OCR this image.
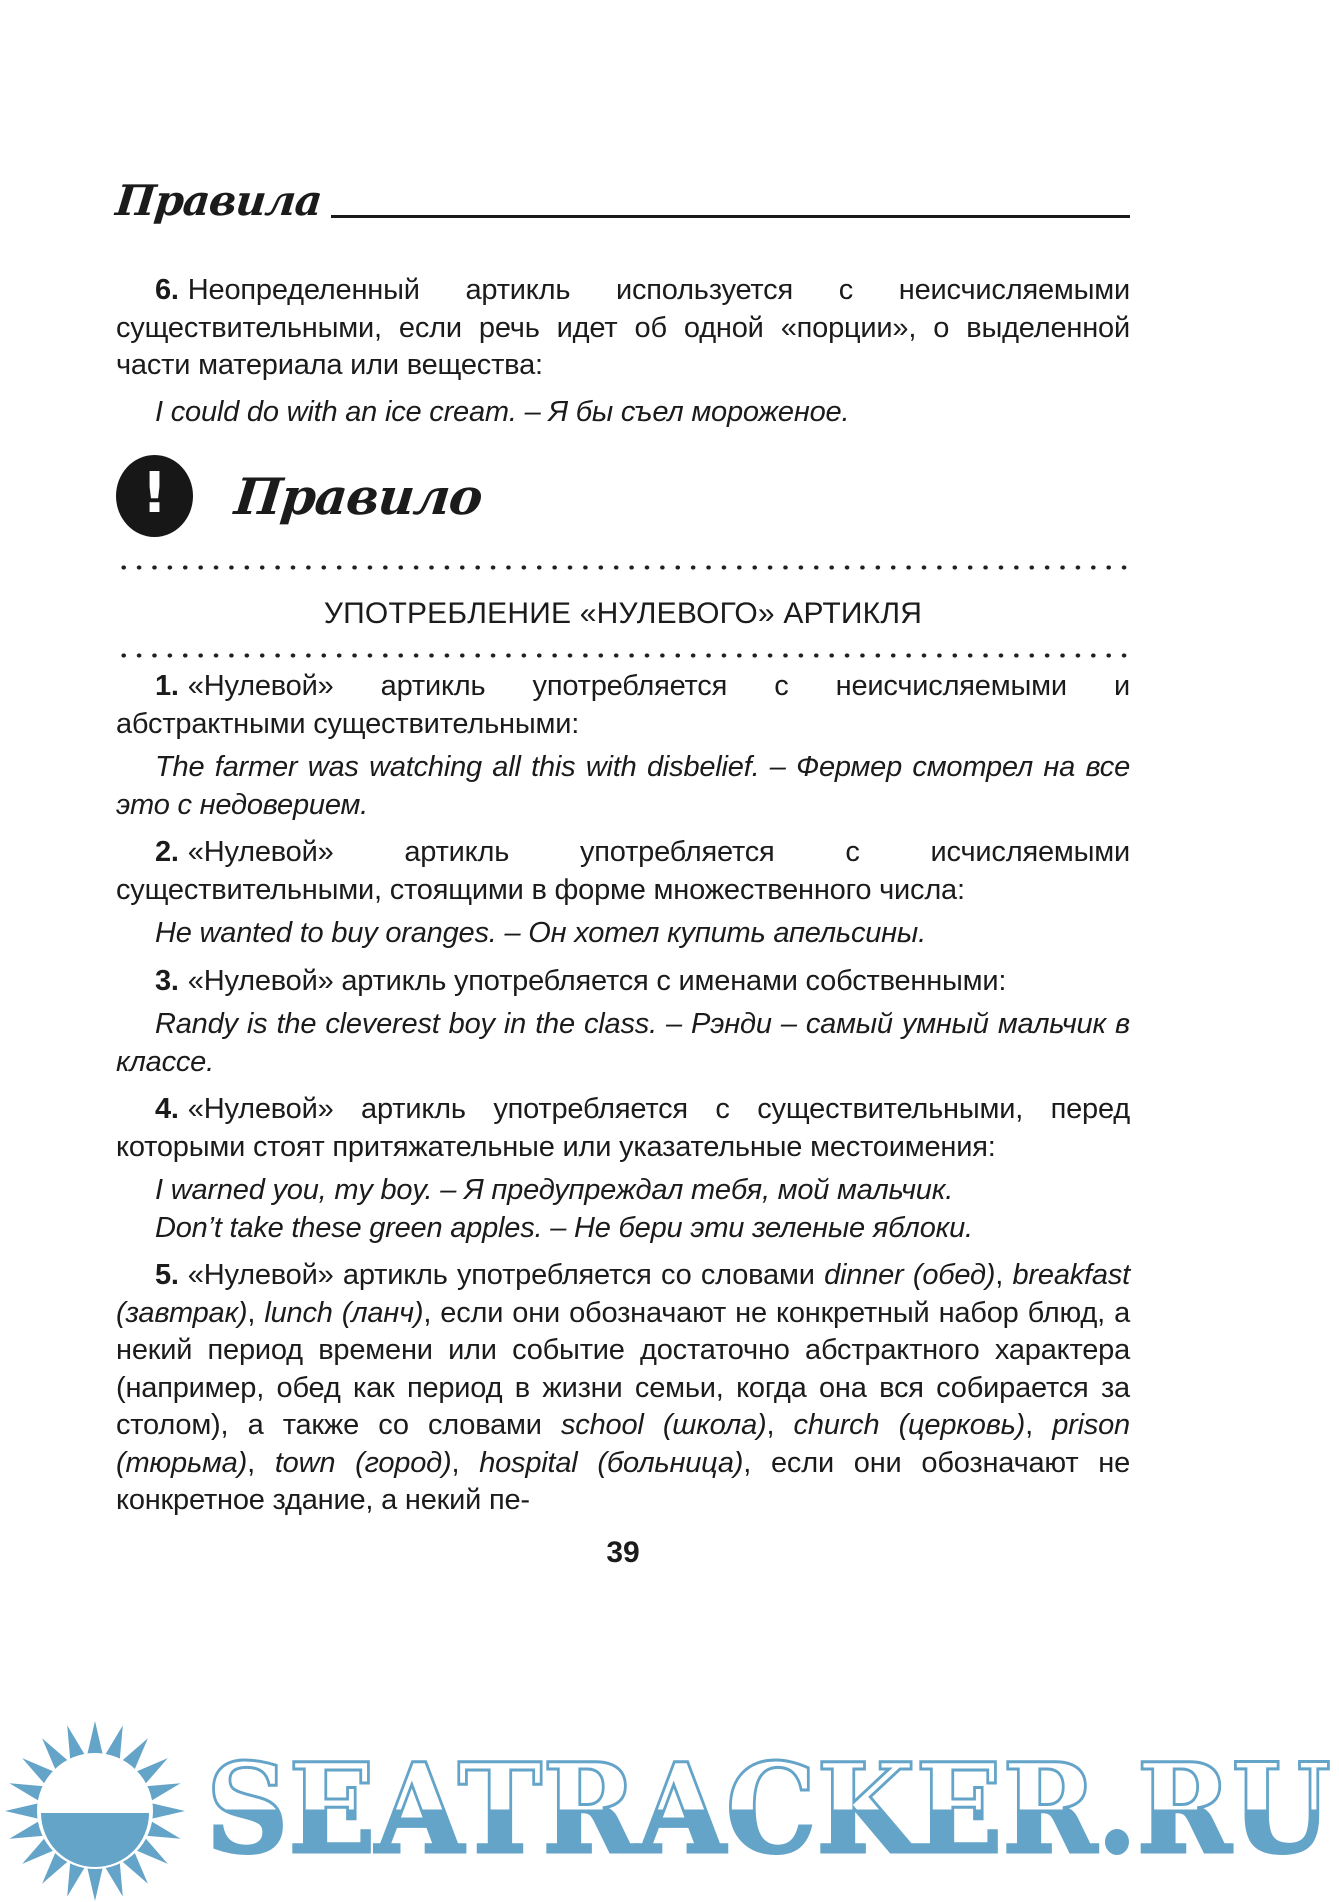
Правила

6. Неопределенный артикль используется с неисчисляемыми существительными, если речь идет об одной «порции», о выделенной части материала или вещества:

I could do with an ice cream. – Я бы съел мороженое.

! Правило
УПОТРЕБЛЕНИЕ «НУЛЕВОГО» АРТИКЛЯ

1. «Нулевой» артикль употребляется с неисчисляемыми и абстрактными существительными:

The farmer was watching all this with disbelief. – Фермер смотрел на все это с недоверием.

2. «Нулевой» артикль употребляется с исчисляемыми существительными, стоящими в форме множественного числа:

He wanted to buy oranges. – Он хотел купить апельсины.

3. «Нулевой» артикль употребляется с именами собственными:

Randy is the cleverest boy in the class. – Рэнди – самый умный мальчик в классе.

4. «Нулевой» артикль употребляется с существительными, перед которыми стоят притяжательные или указательные местоимения:

I warned you, my boy. – Я предупреждал тебя, мой мальчик.

Don’t take these green apples. – Не бери эти зеленые яблоки.

5. «Нулевой» артикль употребляется со словами dinner (обед), breakfast (завтрак), lunch (ланч), если они обозначают не конкретный набор блюд, а некий период времени или событие достаточно абстрактного характера (например, обед как период в жизни семьи, когда она вся собирается за столом), а также со словами school (школа), church (церковь), prison (тюрьма), town (город), hospital (больница), если они обозначают не конкретное здание, а некий пе-

39
SEATRACKER.RU
